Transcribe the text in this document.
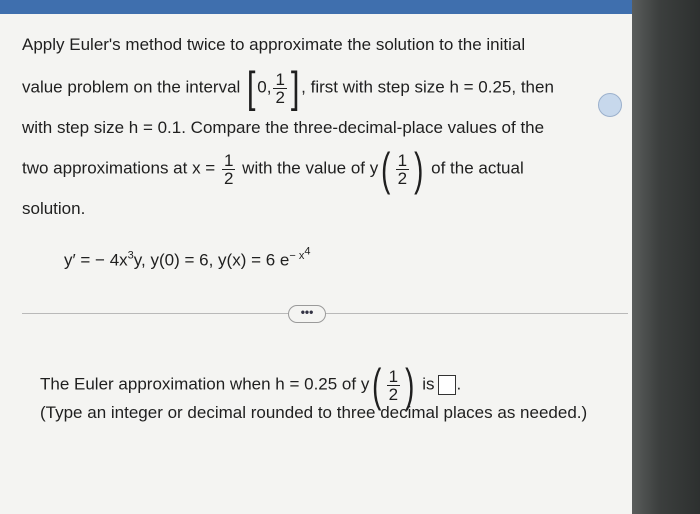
Apply Euler's method twice to approximate the solution to the initial
value problem on the interval [ 0, $\frac{1}{2}$ ] , first with step size h = 0.25, then
with step size h = 0.1. Compare the three-decimal-place values of the
two approximations at $x = \frac{1}{2}$ with the value of $y( \frac{1}{2}$ ) of the actual
solution.
y′ = − $4x^3y$, y(0) = 6, y(x) = 6 $e^{- x^4}$
•••
The Euler approximation when h = 0.25 of $y( \frac{1}{2}$ ) is .
(Type an integer or decimal rounded to three decimal places as needed.)
